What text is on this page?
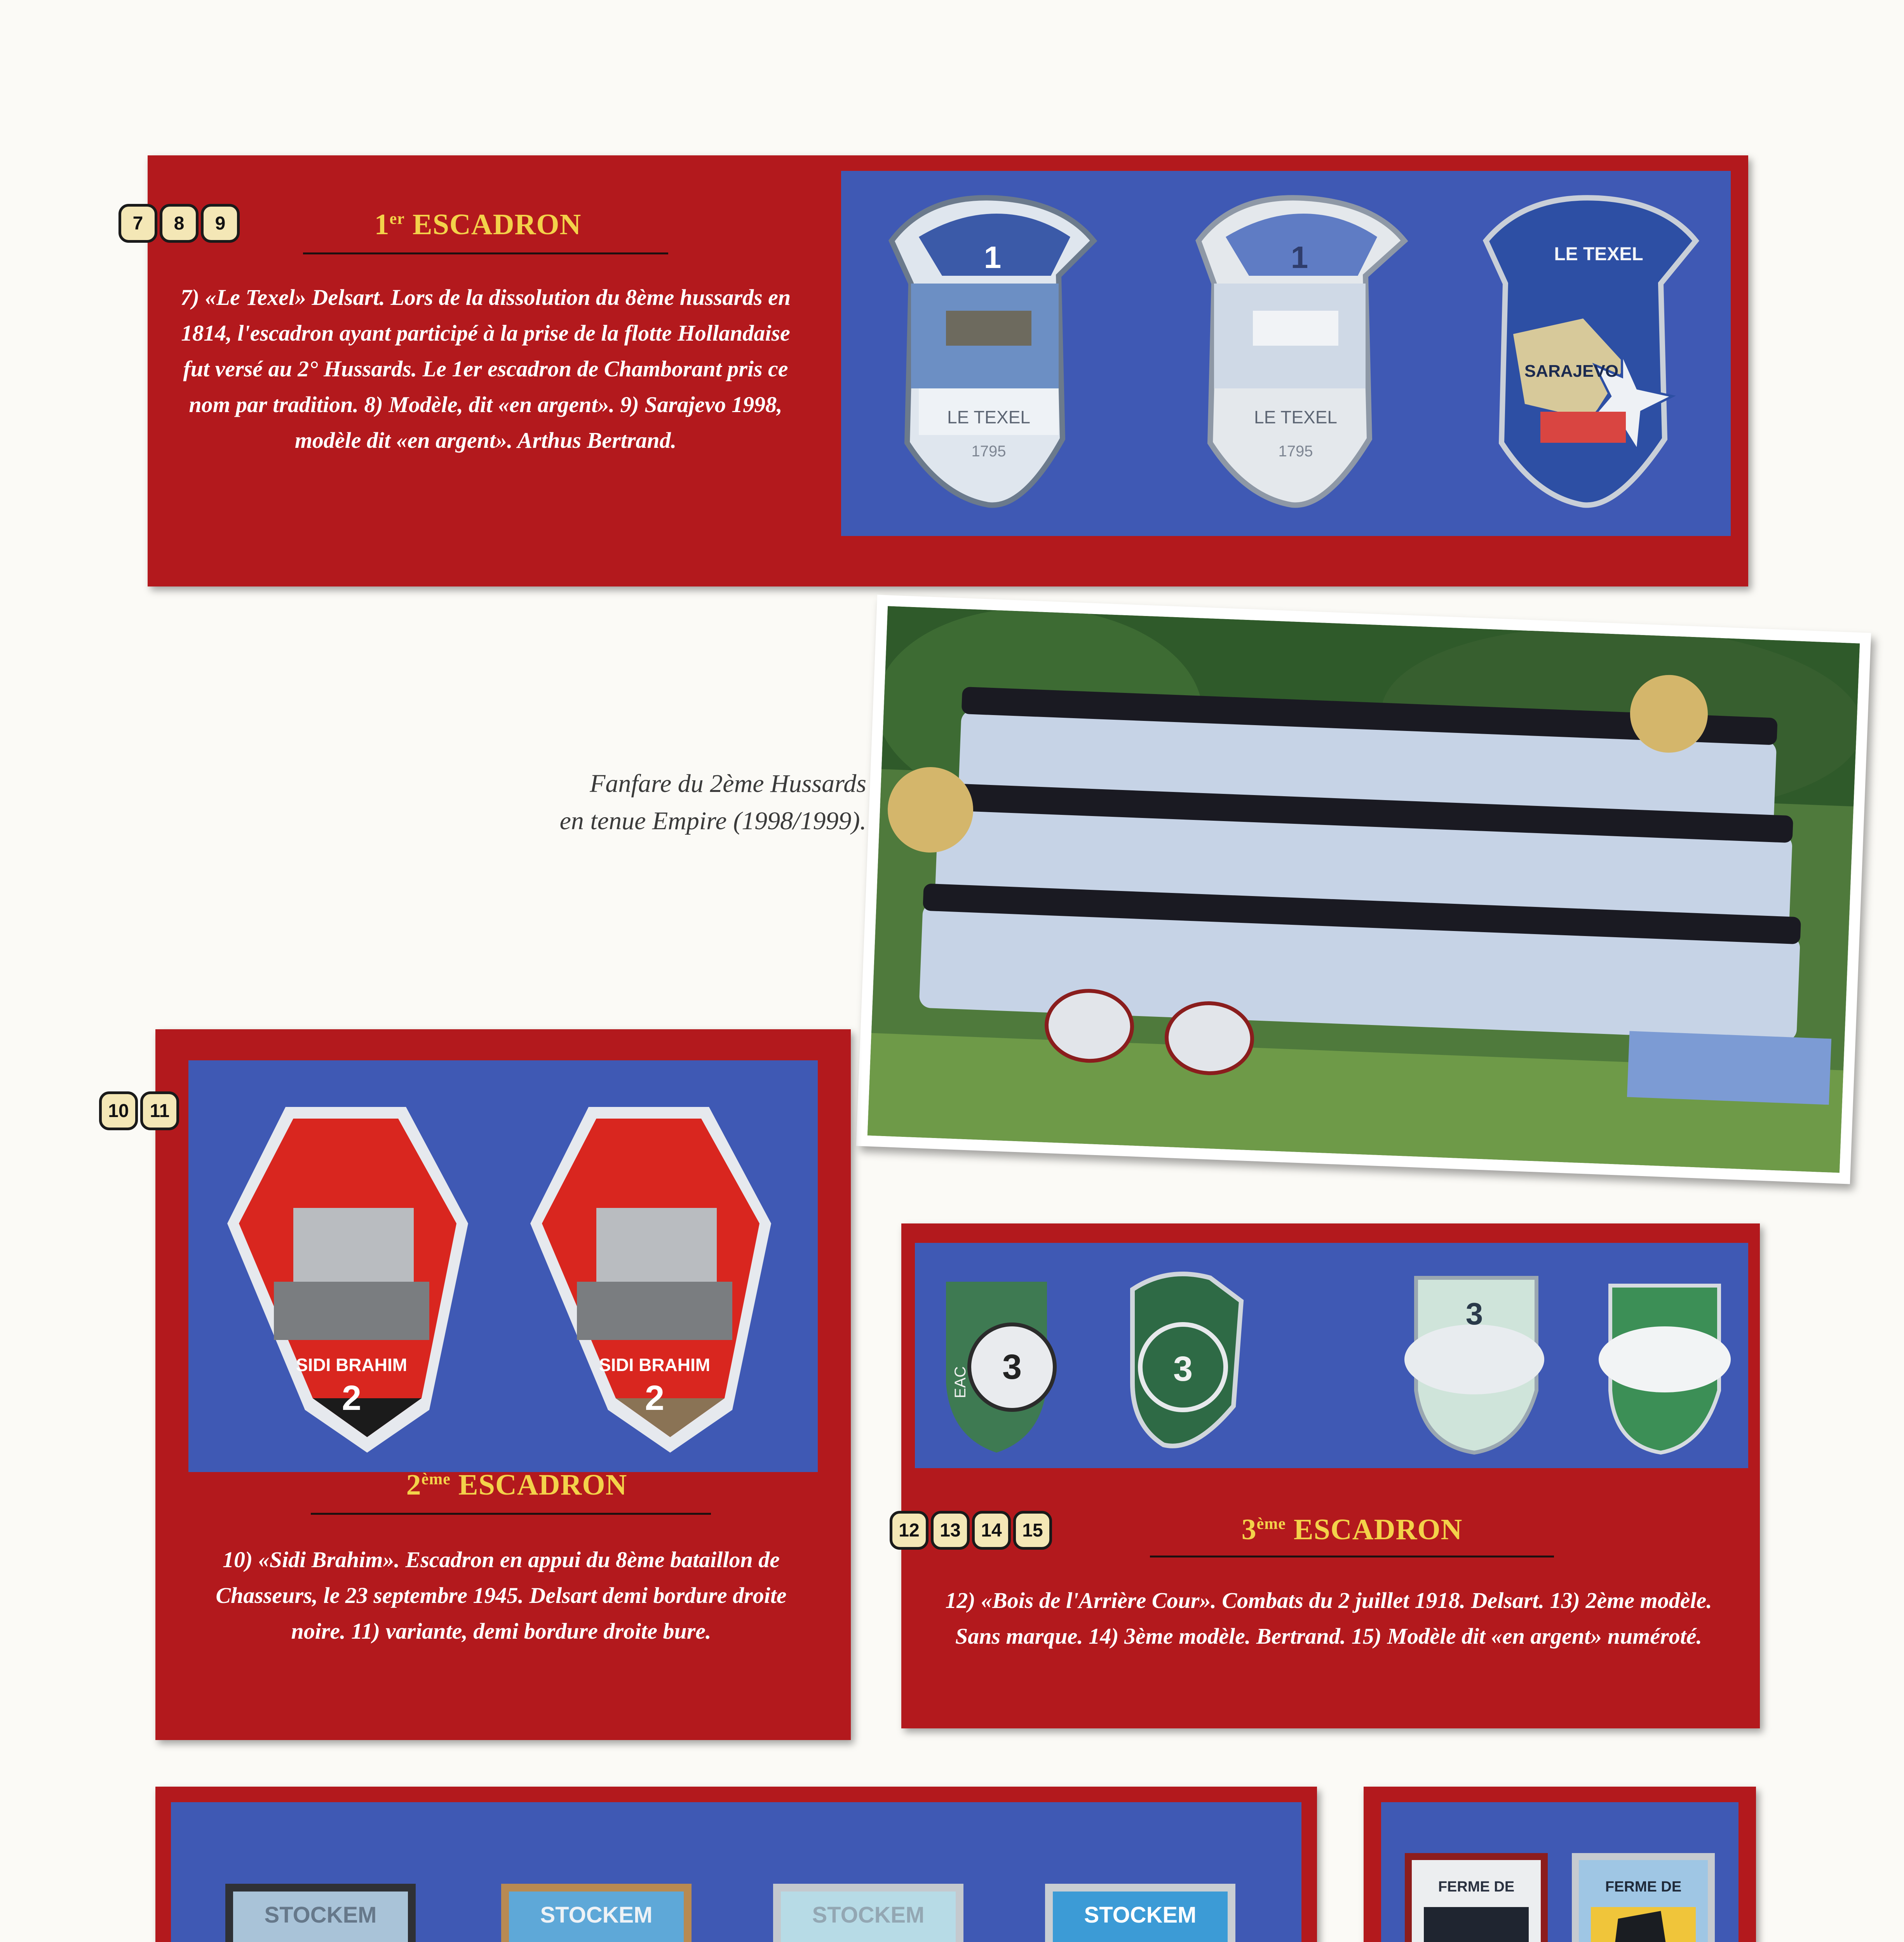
1
LE TEXEL
1795
1
LE TEXEL
1795
LE TEXEL
SARAJEVO
7	8	9	1er ESCADRON
7) «Le Texel» Delsart. Lors de la dissolution du 8ème hussards en 1814, l'escadron ayant participé à la prise de la flotte Hollandaise fut versé au 2° Hussards. Le 1er escadron de Chamborant pris ce nom par tradition. 8) Modèle, dit «en argent». 9) Sarajevo 1998, modèle dit «en argent». Arthus Bertrand.
Fanfare du 2ème Hussards
en tenue Empire (1998/1999).
SIDI BRAHIM
2
SIDI BRAHIM
2
10	11
2ème ESCADRON
10) «Sidi Brahim». Escadron en appui du 8ème bataillon de Chasseurs, le 23 septembre 1945. Delsart demi bordure droite noire. 11) variante, demi bordure droite bure.
EAC 3	3
3
12	13	14	15	3ème ESCADRON
12) «Bois de l'Arrière Cour». Combats du 2 juillet 1918. Delsart. 13) 2ème modèle. Sans marque. 14) 3ème modèle. Bertrand. 15) Modèle dit «en argent» numéroté.
STOCKEM	STOCKEM	STOCKEM	STOCKEM
FERME DE	FERME DE
